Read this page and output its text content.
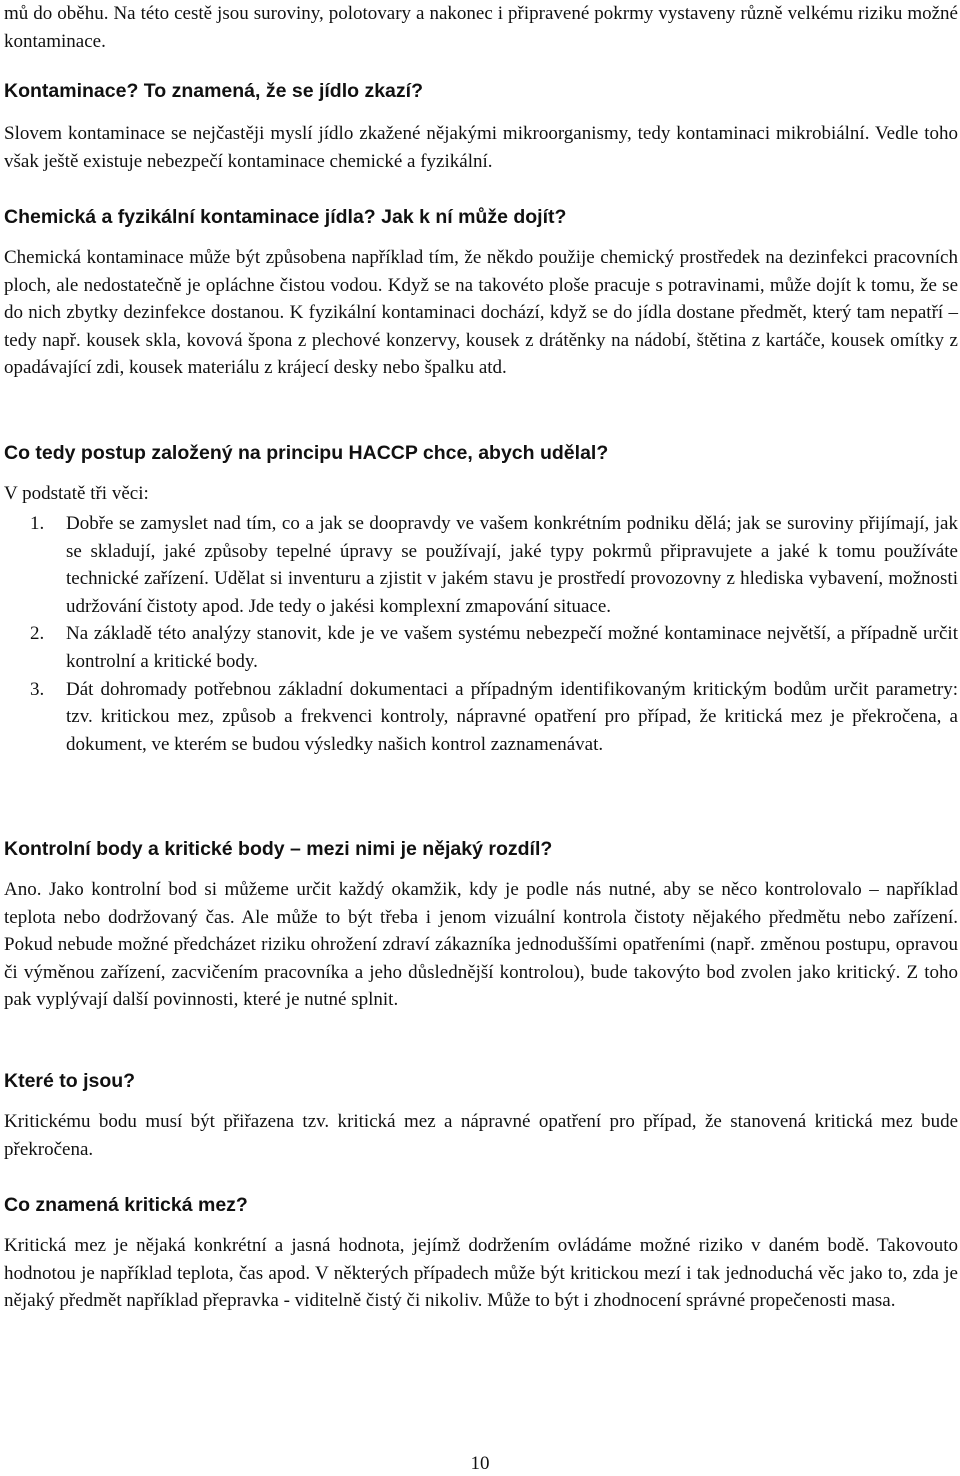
mů do oběhu. Na této cestě jsou suroviny, polotovary a nakonec i připravené pokrmy vystaveny různě velkému riziku možné kontaminace.

Kontaminace? To znamená, že se jídlo zkazí?

Slovem kontaminace se nejčastěji myslí jídlo zkažené nějakými mikroorganismy, tedy kontaminaci mikrobiální. Vedle toho však ještě existuje nebezpečí kontaminace chemické a fyzikální.

Chemická a fyzikální kontaminace jídla? Jak k ní může dojít?

Chemická kontaminace může být způsobena například tím, že někdo použije chemický prostředek na dezinfekci pracovních ploch, ale nedostatečně je opláchne čistou vodou. Když se na takovéto ploše pracuje s potravinami, může dojít k tomu, že se do nich zbytky dezinfekce dostanou. K fyzikální kontaminaci dochází, když se do jídla dostane předmět, který tam nepatří – tedy např. kousek skla, kovová špona z plechové konzervy, kousek z drátěnky na nádobí, štětina z kartáče, kousek omítky z opadávající zdi, kousek materiálu z krájecí desky nebo špalku atd.

Co tedy postup založený na principu HACCP chce, abych udělal?

V podstatě tři věci:

1. Dobře se zamyslet nad tím, co a jak se doopravdy ve vašem konkrétním podniku dělá; jak se suroviny přijímají, jak se skladují, jaké způsoby tepelné úpravy se používají, jaké typy pokrmů připravujete a jaké k tomu používáte technické zařízení. Udělat si inventuru a zjistit v jakém stavu je prostředí provozovny z hlediska vybavení, možnosti udržování čistoty apod. Jde tedy o jakési komplexní zmapování situace.
2. Na základě této analýzy stanovit, kde je ve vašem systému nebezpečí možné kontaminace největší, a případně určit kontrolní a kritické body.
3. Dát dohromady potřebnou základní dokumentaci a případným identifikovaným kritickým bodům určit parametry: tzv. kritickou mez, způsob a frekvenci kontroly, nápravné opatření pro případ, že kritická mez je překročena, a dokument, ve kterém se budou výsledky našich kontrol zaznamenávat.
Kontrolní body a kritické body – mezi nimi je nějaký rozdíl?

Ano. Jako kontrolní bod si můžeme určit každý okamžik, kdy je podle nás nutné, aby se něco kontrolovalo – například teplota nebo dodržovaný čas. Ale může to být třeba i jenom vizuální kontrola čistoty nějakého předmětu nebo zařízení. Pokud nebude možné předcházet riziku ohrožení zdraví zákazníka jednoduššími opatřeními (např. změnou postupu, opravou či výměnou zařízení, zacvičením pracovníka a jeho důslednější kontrolou), bude takovýto bod zvolen jako kritický. Z toho pak vyplývají další povinnosti, které je nutné splnit.

Které to jsou?

Kritickému bodu musí být přiřazena tzv. kritická mez a nápravné opatření pro případ, že stanovená kritická mez bude překročena.

Co znamená kritická mez?

Kritická mez je nějaká konkrétní a jasná hodnota, jejímž dodržením ovládáme možné riziko v daném bodě. Takovouto hodnotou je například teplota, čas apod. V některých případech může být kritickou mezí i tak jednoduchá věc jako to, zda je nějaký předmět například přepravka - viditelně čistý či nikoliv. Může to být i zhodnocení správné propečenosti masa.

10
